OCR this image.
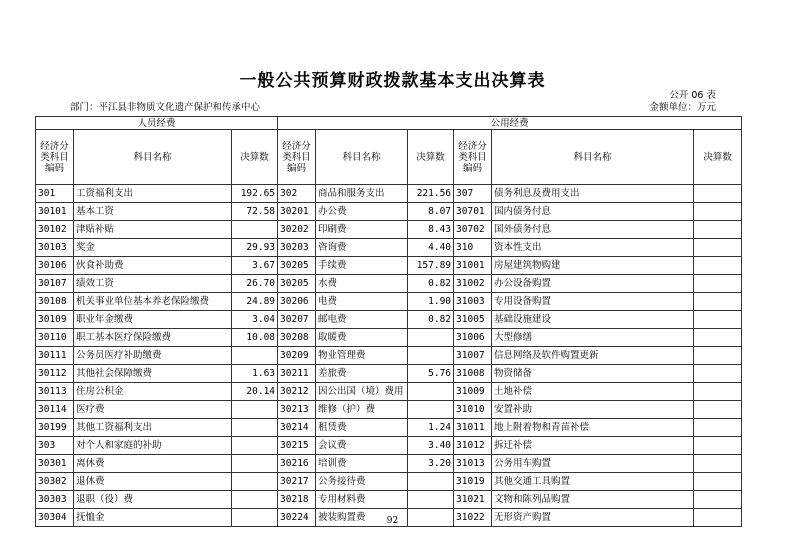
一般公共预算财政拨款基本支出决算表
公开 06 表
部门：平江县非物质文化遗产保护和传承中心	金额单位：万元
人员经费			公用经费					
经济分类科目编码	科目名称	决算数	经济分类科目编码	科目名称	决算数	经济分类科目编码	科目名称	决算数
301	工资福利支出	192.65	302	商品和服务支出	221.56	307	债务利息及费用支出	
30101	基本工资	72.58	30201	办公费	8.07	30701	国内债务付息	
30102	津贴补贴		30202	印刷费	8.43	30702	国外债务付息	
30103	奖金	29.93	30203	咨询费	4.40	310	资本性支出	
30106	伙食补助费	3.67	30205	手续费	157.89	31001	房屋建筑物购建	
30107	绩效工资	26.70	30205	水费	0.82	31002	办公设备购置	
30108	机关事业单位基本养老保险缴费	24.89	30206	电费	1.90	31003	专用设备购置	
30109	职业年金缴费	3.04	30207	邮电费	0.82	31005	基础设施建设	
30110	职工基本医疗保险缴费	10.08	30208	取暖费		31006	大型修缮	
30111	公务员医疗补助缴费		30209	物业管理费		31007	信息网络及软件购置更新	
30112	其他社会保障缴费	1.63	30211	差旅费	5.76	31008	物资储备	
30113	住房公积金	20.14	30212	因公出国（境）费用		31009	土地补偿	
30114	医疗费		30213	维修（护）费		31010	安置补助	
30199	其他工资福利支出		30214	租赁费	1.24	31011	地上附着物和青苗补偿	
303	对个人和家庭的补助		30215	会议费	3.40	31012	拆迁补偿	
30301	离休费		30216	培训费	3.20	31013	公务用车购置	
30302	退休费		30217	公务接待费		31019	其他交通工具购置	
30303	退职（役）费		30218	专用材料费		31021	文物和陈列品购置	
30304	抚恤金		30224	被装购置费		31022	无形资产购置	
92
